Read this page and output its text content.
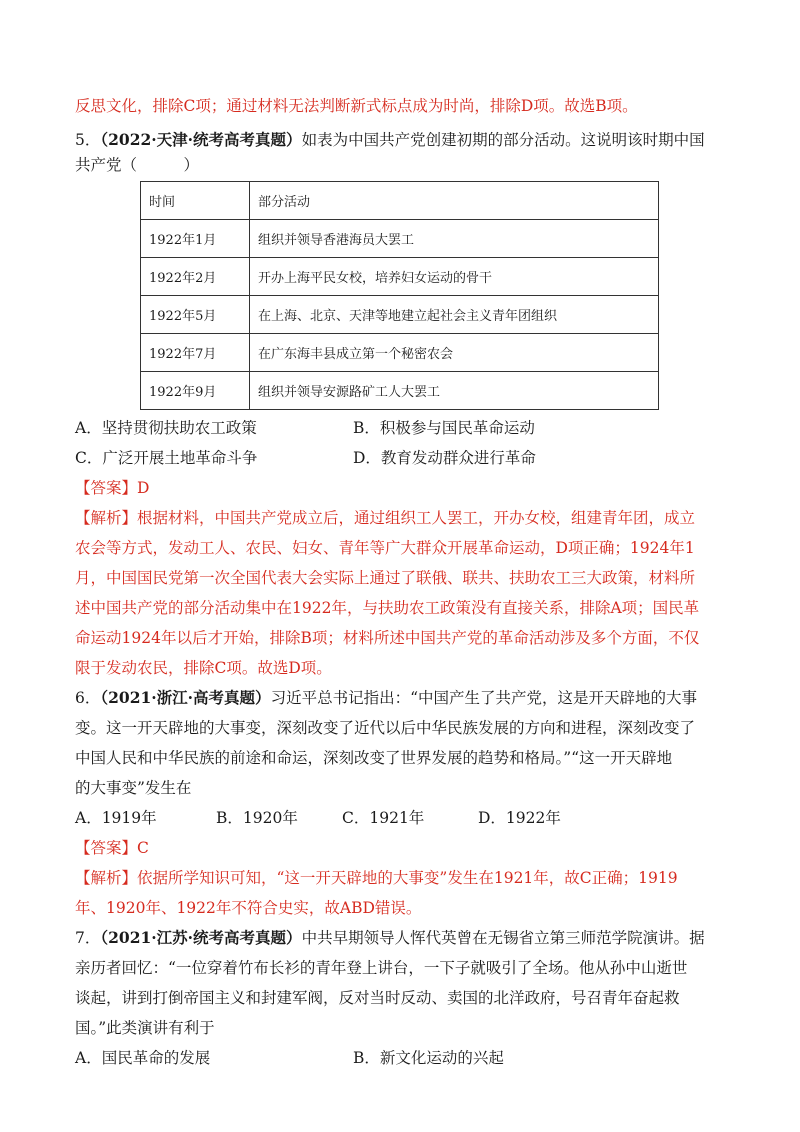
反思文化，排除C项；通过材料无法判断新式标点成为时尚，排除D项。故选B项。
5．（2022·天津·统考高考真题）如表为中国共产党创建初期的部分活动。这说明该时期中国
共产党（　　　）
时间	部分活动
1922年1月	组织并领导香港海员大罢工
1922年2月	开办上海平民女校，培养妇女运动的骨干
1922年5月	在上海、北京、天津等地建立起社会主义青年团组织
1922年7月	在广东海丰县成立第一个秘密农会
1922年9月	组织并领导安源路矿工人大罢工
A．坚持贯彻扶助农工政策	B．积极参与国民革命运动
C．广泛开展土地革命斗争	D．教育发动群众进行革命
【答案】D
【解析】根据材料，中国共产党成立后，通过组织工人罢工，开办女校，组建青年团，成立
农会等方式，发动工人、农民、妇女、青年等广大群众开展革命运动，D项正确；1924年1
月，中国国民党第一次全国代表大会实际上通过了联俄、联共、扶助农工三大政策，材料所
述中国共产党的部分活动集中在1922年，与扶助农工政策没有直接关系，排除A项；国民革
命运动1924年以后才开始，排除B项；材料所述中国共产党的革命活动涉及多个方面，不仅
限于发动农民，排除C项。故选D项。
6．（2021·浙江·高考真题）习近平总书记指出：“中国产生了共产党，这是开天辟地的大事
变。这一开天辟地的大事变，深刻改变了近代以后中华民族发展的方向和进程，深刻改变了
中国人民和中华民族的前途和命运，深刻改变了世界发展的趋势和格局。”“这一开天辟地
的大事变”发生在
A．1919年	B．1920年	C．1921年	D．1922年
【答案】C
【解析】依据所学知识可知，“这一开天辟地的大事变”发生在1921年，故C正确；1919
年、1920年、1922年不符合史实，故ABD错误。
7．（2021·江苏·统考高考真题）中共早期领导人恽代英曾在无锡省立第三师范学院演讲。据
亲历者回忆：“一位穿着竹布长衫的青年登上讲台，一下子就吸引了全场。他从孙中山逝世
谈起，讲到打倒帝国主义和封建军阀，反对当时反动、卖国的北洋政府，号召青年奋起救
国。”此类演讲有利于
A．国民革命的发展	B．新文化运动的兴起
